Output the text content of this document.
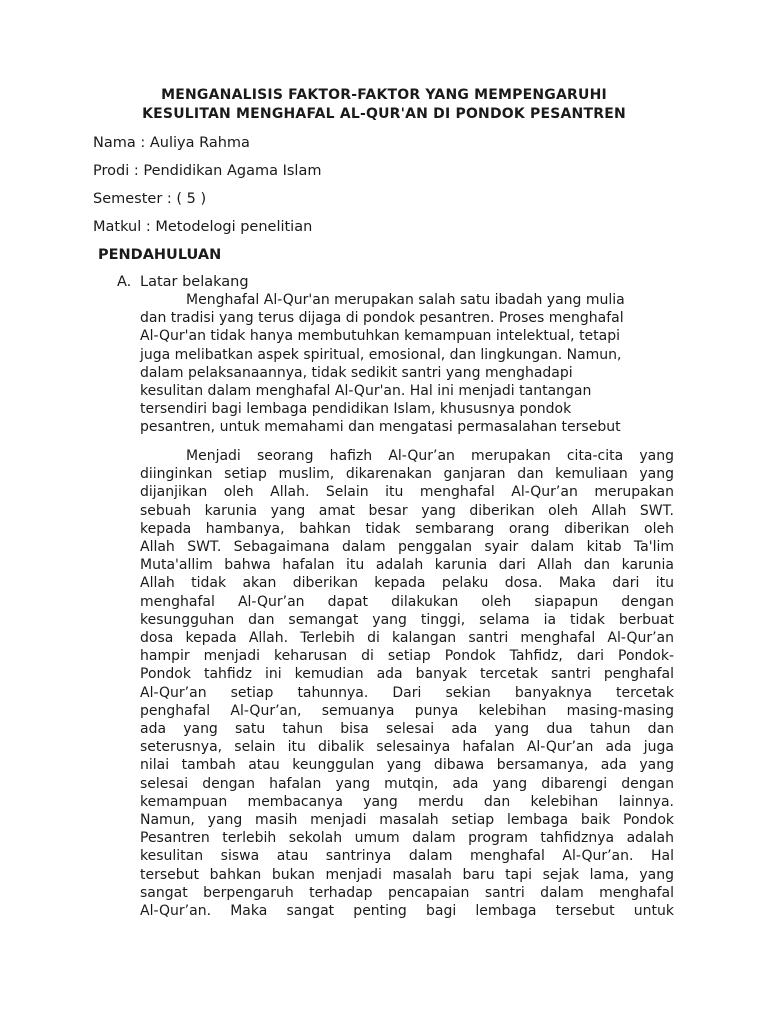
MENGANALISIS FAKTOR-FAKTOR YANG MEMPENGARUHI
KESULITAN MENGHAFAL AL-QUR'AN DI PONDOK PESANTREN
Nama : Auliya Rahma
Prodi : Pendidikan Agama Islam
Semester : ( 5 )
Matkul : Metodelogi penelitian
PENDAHULUAN
A. Latar belakang
Menghafal Al-Qur'an merupakan salah satu ibadah yang mulia
dan tradisi yang terus dijaga di pondok pesantren. Proses menghafal
Al-Qur'an tidak hanya membutuhkan kemampuan intelektual, tetapi
juga melibatkan aspek spiritual, emosional, dan lingkungan. Namun,
dalam pelaksanaannya, tidak sedikit santri yang menghadapi
kesulitan dalam menghafal Al-Qur'an. Hal ini menjadi tantangan
tersendiri bagi lembaga pendidikan Islam, khususnya pondok
pesantren, untuk memahami dan mengatasi permasalahan tersebut
Menjadi seorang hafizh Al-Qur’an merupakan cita-cita yang
diinginkan setiap muslim, dikarenakan ganjaran dan kemuliaan yang
dijanjikan oleh Allah. Selain itu menghafal Al-Qur’an merupakan
sebuah karunia yang amat besar yang diberikan oleh Allah SWT.
kepada hambanya, bahkan tidak sembarang orang diberikan oleh
Allah SWT. Sebagaimana dalam penggalan syair dalam kitab Ta'lim
Muta'allim bahwa hafalan itu adalah karunia dari Allah dan karunia
Allah tidak akan diberikan kepada pelaku dosa. Maka dari itu
menghafal Al-Qur’an dapat dilakukan oleh siapapun dengan
kesungguhan dan semangat yang tinggi, selama ia tidak berbuat
dosa kepada Allah. Terlebih di kalangan santri menghafal Al-Qur’an
hampir menjadi keharusan di setiap Pondok Tahfidz, dari Pondok-
Pondok tahfidz ini kemudian ada banyak tercetak santri penghafal
Al-Qur’an setiap tahunnya. Dari sekian banyaknya tercetak
penghafal Al-Qur’an, semuanya punya kelebihan masing-masing
ada yang satu tahun bisa selesai ada yang dua tahun dan
seterusnya, selain itu dibalik selesainya hafalan Al-Qur’an ada juga
nilai tambah atau keunggulan yang dibawa bersamanya, ada yang
selesai dengan hafalan yang mutqin, ada yang dibarengi dengan
kemampuan membacanya yang merdu dan kelebihan lainnya.
Namun, yang masih menjadi masalah setiap lembaga baik Pondok
Pesantren terlebih sekolah umum dalam program tahfidznya adalah
kesulitan siswa atau santrinya dalam menghafal Al-Qur’an. Hal
tersebut bahkan bukan menjadi masalah baru tapi sejak lama, yang
sangat berpengaruh terhadap pencapaian santri dalam menghafal
Al-Qur’an. Maka sangat penting bagi lembaga tersebut untuk
